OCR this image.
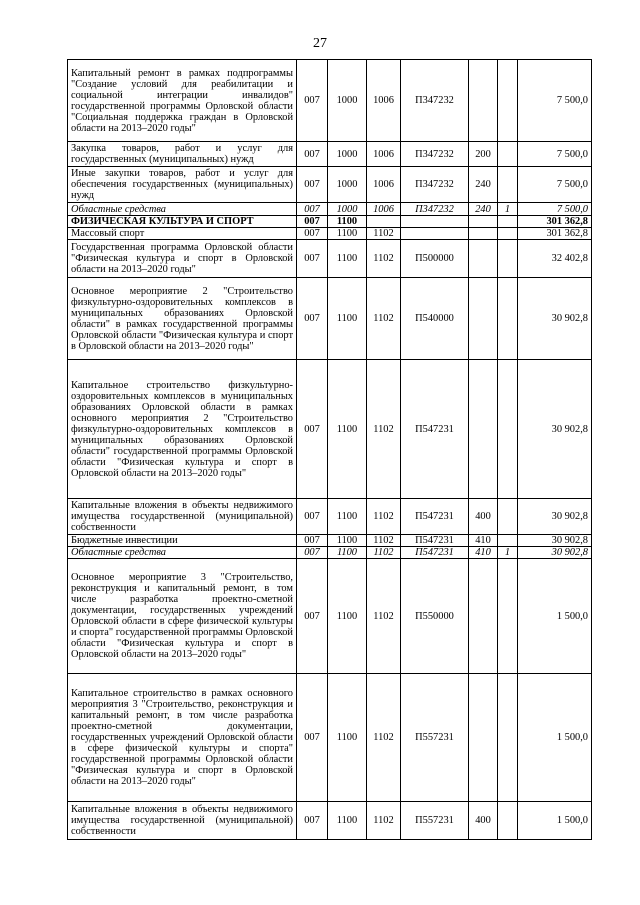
27
Капитальный ремонт в рамках подпрограммы "Создание условий для реабилитации и социальной интеграции инвалидов" государственной программы Орловской области "Социальная поддержка граждан в Орловской области на 2013–2020 годы"	007	1000	1006	П347232			7 500,0
Закупка товаров, работ и услуг для государственных (муниципальных) нужд	007	1000	1006	П347232	200		7 500,0
Иные закупки товаров, работ и услуг для обеспечения государственных (муниципальных) нужд	007	1000	1006	П347232	240		7 500,0
Областные средства	007	1000	1006	П347232	240	1	7 500,0
ФИЗИЧЕСКАЯ КУЛЬТУРА И СПОРТ	007	1100					301 362,8
Массовый спорт	007	1100	1102				301 362,8
Государственная программа Орловской области "Физическая культура и спорт в Орловской области на 2013–2020 годы"	007	1100	1102	П500000			32 402,8
Основное мероприятие 2 "Строительство физкультурно-оздоровительных комплексов в муниципальных образованиях Орловской области" в рамках государственной программы Орловской области "Физическая культура и спорт в Орловской области на 2013–2020 годы"	007	1100	1102	П540000			30 902,8
Капитальное строительство физкультурно-оздоровительных комплексов в муниципальных образованиях Орловской области в рамках основного мероприятия 2 "Строительство физкультурно-оздоровительных комплексов в муниципальных образованиях Орловской области" государственной программы Орловской области "Физическая культура и спорт в Орловской области на 2013–2020 годы"	007	1100	1102	П547231			30 902,8
Капитальные вложения в объекты недвижимого имущества государственной (муниципальной) собственности	007	1100	1102	П547231	400		30 902,8
Бюджетные инвестиции	007	1100	1102	П547231	410		30 902,8
Областные средства	007	1100	1102	П547231	410	1	30 902,8
Основное мероприятие 3 "Строительство, реконструкция и капитальный ремонт, в том числе разработка проектно-сметной документации, государственных учреждений Орловской области в сфере физической культуры и спорта" государственной программы Орловской области "Физическая культура и спорт в Орловской области на 2013–2020 годы"	007	1100	1102	П550000			1 500,0
Капитальное строительство в рамках основного мероприятия 3 "Строительство, реконструкция и капитальный ремонт, в том числе разработка проектно-сметной документации, государственных учреждений Орловской области в сфере физической культуры и спорта" государственной программы Орловской области "Физическая культура и спорт в Орловской области на 2013–2020 годы"	007	1100	1102	П557231			1 500,0
Капитальные вложения в объекты недвижимого имущества государственной (муниципальной) собственности	007	1100	1102	П557231	400		1 500,0
